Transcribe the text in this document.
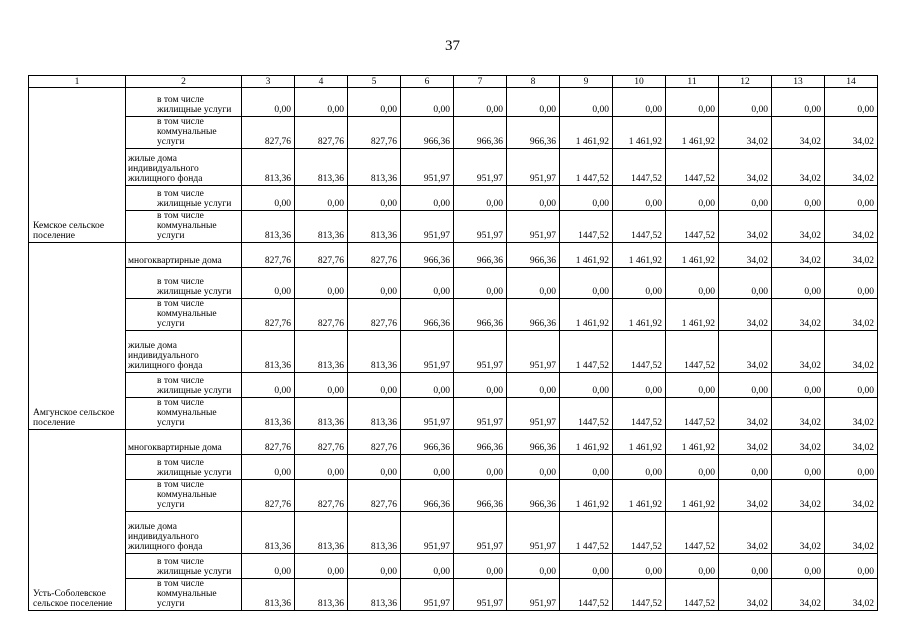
37
1	2	3	4	5	6	7	8	9	10	11	12	13	14
Кемское сельское поселение	в том числе жилищные услуги	0,00	0,00	0,00	0,00	0,00	0,00	0,00	0,00	0,00	0,00	0,00	0,00
	в том числе коммунальные услуги	827,76	827,76	827,76	966,36	966,36	966,36	1 461,92	1 461,92	1 461,92	34,02	34,02	34,02
	жилые дома индивидуального жилищного фонда	813,36	813,36	813,36	951,97	951,97	951,97	1 447,52	1447,52	1447,52	34,02	34,02	34,02
	в том числе жилищные услуги	0,00	0,00	0,00	0,00	0,00	0,00	0,00	0,00	0,00	0,00	0,00	0,00
	в том числе коммунальные услуги	813,36	813,36	813,36	951,97	951,97	951,97	1447,52	1447,52	1447,52	34,02	34,02	34,02
Амгунское сельское поселение	многоквартирные дома	827,76	827,76	827,76	966,36	966,36	966,36	1 461,92	1 461,92	1 461,92	34,02	34,02	34,02
	в том числе жилищные услуги	0,00	0,00	0,00	0,00	0,00	0,00	0,00	0,00	0,00	0,00	0,00	0,00
	в том числе коммунальные услуги	827,76	827,76	827,76	966,36	966,36	966,36	1 461,92	1 461,92	1 461,92	34,02	34,02	34,02
	жилые дома индивидуального жилищного фонда	813,36	813,36	813,36	951,97	951,97	951,97	1 447,52	1447,52	1447,52	34,02	34,02	34,02
	в том числе жилищные услуги	0,00	0,00	0,00	0,00	0,00	0,00	0,00	0,00	0,00	0,00	0,00	0,00
	в том числе коммунальные услуги	813,36	813,36	813,36	951,97	951,97	951,97	1447,52	1447,52	1447,52	34,02	34,02	34,02
Усть-Соболевское сельское поселение	многоквартирные дома	827,76	827,76	827,76	966,36	966,36	966,36	1 461,92	1 461,92	1 461,92	34,02	34,02	34,02
	в том числе жилищные услуги	0,00	0,00	0,00	0,00	0,00	0,00	0,00	0,00	0,00	0,00	0,00	0,00
	в том числе коммунальные услуги	827,76	827,76	827,76	966,36	966,36	966,36	1 461,92	1 461,92	1 461,92	34,02	34,02	34,02
	жилые дома индивидуального жилищного фонда	813,36	813,36	813,36	951,97	951,97	951,97	1 447,52	1447,52	1447,52	34,02	34,02	34,02
	в том числе жилищные услуги	0,00	0,00	0,00	0,00	0,00	0,00	0,00	0,00	0,00	0,00	0,00	0,00
	в том числе коммунальные услуги	813,36	813,36	813,36	951,97	951,97	951,97	1447,52	1447,52	1447,52	34,02	34,02	34,02
